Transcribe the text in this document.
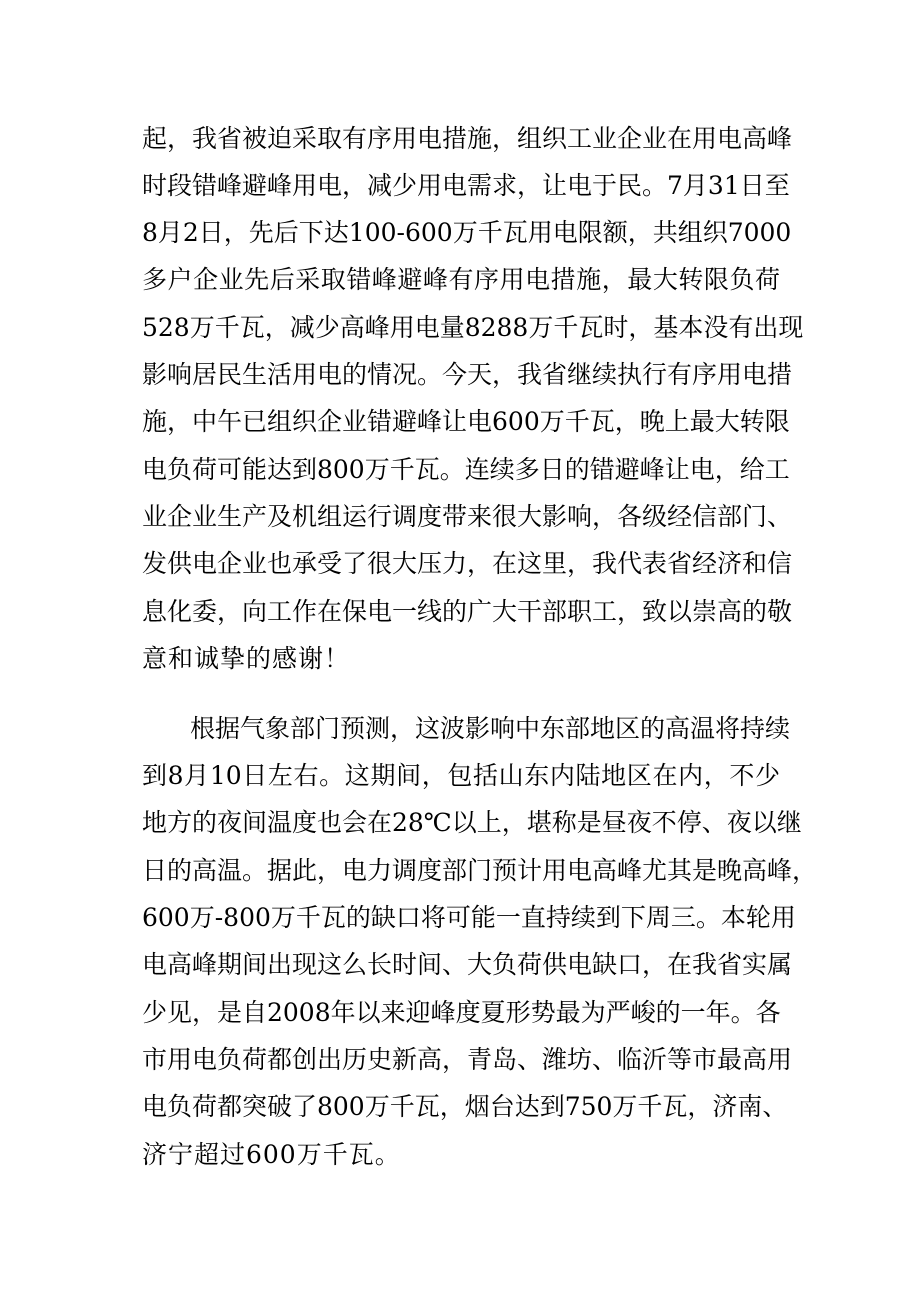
起，我省被迫采取有序用电措施，组织工业企业在用电高峰
时段错峰避峰用电，减少用电需求，让电于民。7月31日至
8月2日，先后下达100-600万千瓦用电限额，共组织7000
多户企业先后采取错峰避峰有序用电措施，最大转限负荷
528万千瓦，减少高峰用电量8288万千瓦时，基本没有出现
影响居民生活用电的情况。今天，我省继续执行有序用电措
施，中午已组织企业错避峰让电600万千瓦，晚上最大转限
电负荷可能达到800万千瓦。连续多日的错避峰让电，给工
业企业生产及机组运行调度带来很大影响，各级经信部门、
发供电企业也承受了很大压力，在这里，我代表省经济和信
息化委，向工作在保电一线的广大干部职工，致以崇高的敬
意和诚挚的感谢！
根据气象部门预测，这波影响中东部地区的高温将持续
到8月10日左右。这期间，包括山东内陆地区在内，不少
地方的夜间温度也会在28℃以上，堪称是昼夜不停、夜以继
日的高温。据此，电力调度部门预计用电高峰尤其是晚高峰，
600万-800万千瓦的缺口将可能一直持续到下周三。本轮用
电高峰期间出现这么长时间、大负荷供电缺口，在我省实属
少见，是自2008年以来迎峰度夏形势最为严峻的一年。各
市用电负荷都创出历史新高，青岛、潍坊、临沂等市最高用
电负荷都突破了800万千瓦，烟台达到750万千瓦，济南、
济宁超过600万千瓦。
